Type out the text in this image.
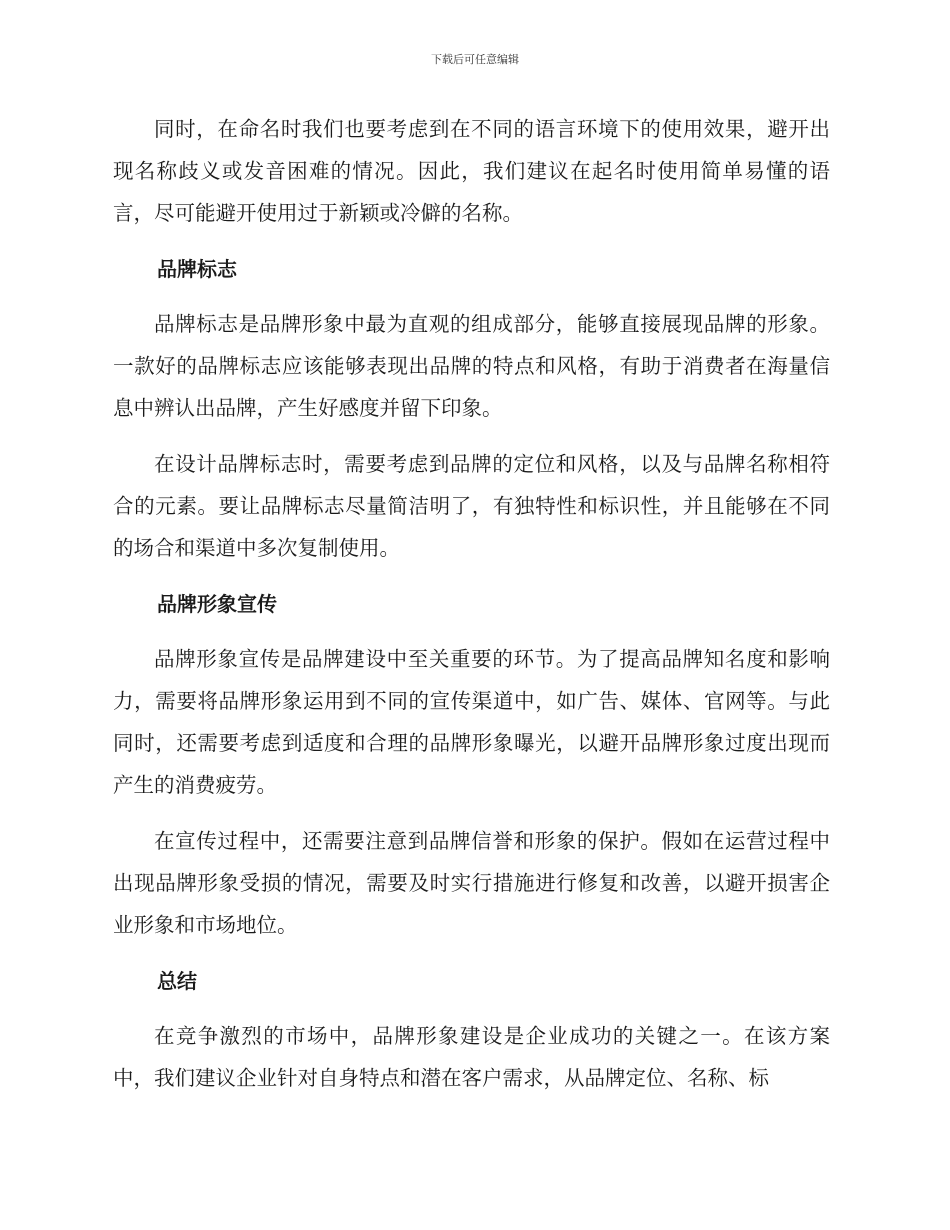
下载后可任意编辑

同时，在命名时我们也要考虑到在不同的语言环境下的使用效果，避开出现名称歧义或发音困难的情况。因此，我们建议在起名时使用简单易懂的语言，尽可能避开使用过于新颖或冷僻的名称。

品牌标志

品牌标志是品牌形象中最为直观的组成部分，能够直接展现品牌的形象。一款好的品牌标志应该能够表现出品牌的特点和风格，有助于消费者在海量信息中辨认出品牌，产生好感度并留下印象。

在设计品牌标志时，需要考虑到品牌的定位和风格，以及与品牌名称相符合的元素。要让品牌标志尽量简洁明了，有独特性和标识性，并且能够在不同的场合和渠道中多次复制使用。

品牌形象宣传

品牌形象宣传是品牌建设中至关重要的环节。为了提高品牌知名度和影响力，需要将品牌形象运用到不同的宣传渠道中，如广告、媒体、官网等。与此同时，还需要考虑到适度和合理的品牌形象曝光，以避开品牌形象过度出现而产生的消费疲劳。

在宣传过程中，还需要注意到品牌信誉和形象的保护。假如在运营过程中出现品牌形象受损的情况，需要及时实行措施进行修复和改善，以避开损害企业形象和市场地位。

总结

在竞争激烈的市场中，品牌形象建设是企业成功的关键之一。在该方案中，我们建议企业针对自身特点和潜在客户需求，从品牌定位、名称、标
